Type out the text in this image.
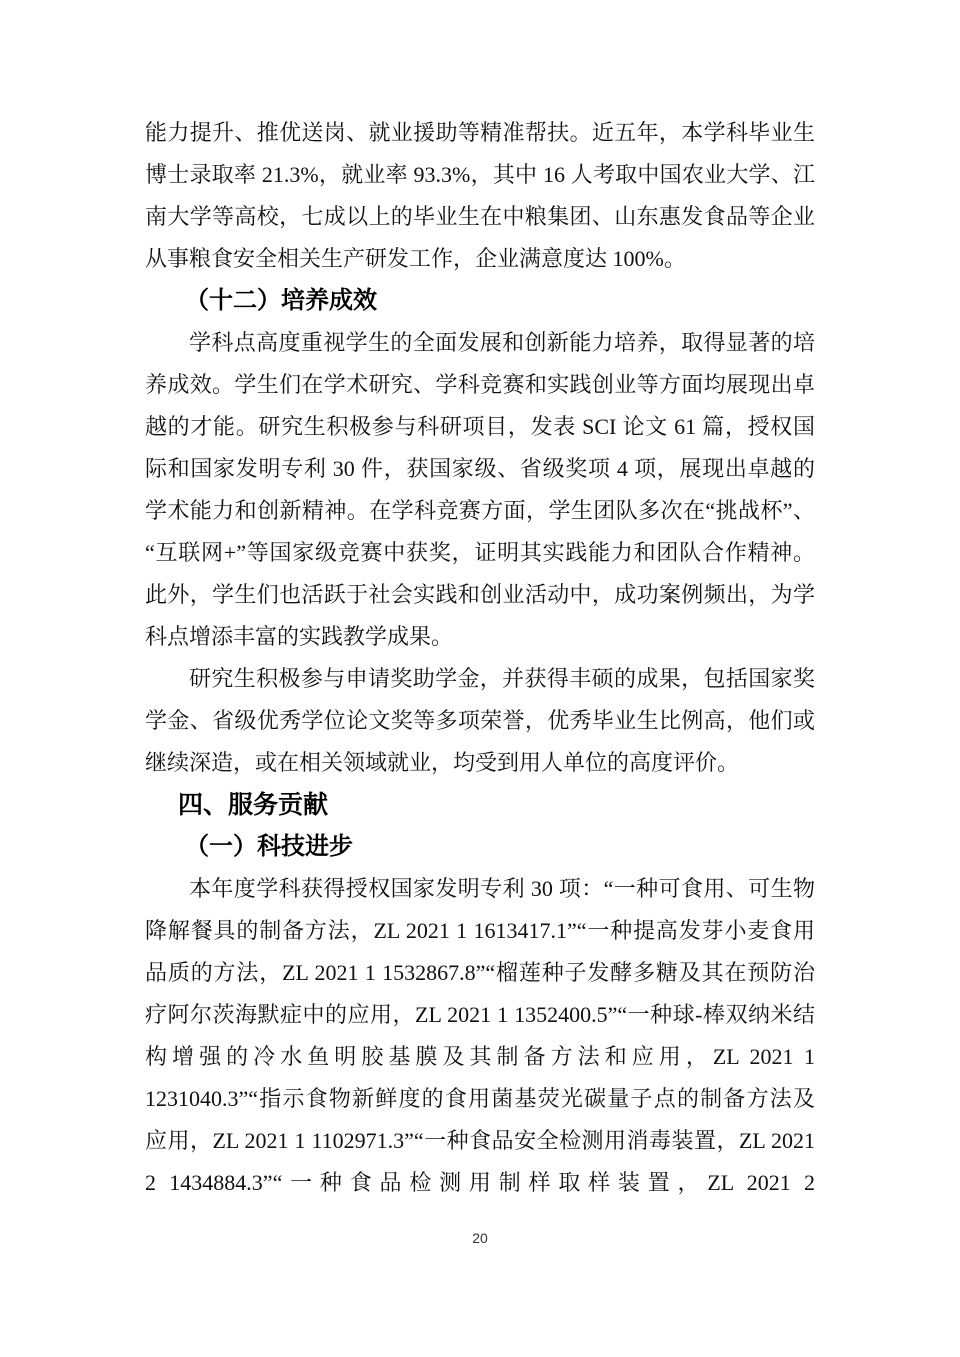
能力提升、推优送岗、就业援助等精准帮扶。近五年，本学科毕业生
博士录取率 21.3%，就业率 93.3%，其中 16 人考取中国农业大学、江
南大学等高校，七成以上的毕业生在中粮集团、山东惠发食品等企业
从事粮食安全相关生产研发工作，企业满意度达 100%。
（十二）培养成效
学科点高度重视学生的全面发展和创新能力培养，取得显著的培
养成效。学生们在学术研究、学科竞赛和实践创业等方面均展现出卓
越的才能。研究生积极参与科研项目，发表 SCI 论文 61 篇，授权国
际和国家发明专利 30 件，获国家级、省级奖项 4 项，展现出卓越的
学术能力和创新精神。在学科竞赛方面，学生团队多次在“挑战杯”、
“互联网+”等国家级竞赛中获奖，证明其实践能力和团队合作精神。
此外，学生们也活跃于社会实践和创业活动中，成功案例频出，为学
科点增添丰富的实践教学成果。
研究生积极参与申请奖助学金，并获得丰硕的成果，包括国家奖
学金、省级优秀学位论文奖等多项荣誉，优秀毕业生比例高，他们或
继续深造，或在相关领域就业，均受到用人单位的高度评价。
四、服务贡献
（一）科技进步
本年度学科获得授权国家发明专利 30 项：“一种可食用、可生物
降解餐具的制备方法，ZL 2021 1 1613417.1”“一种提高发芽小麦食用
品质的方法，ZL 2021 1 1532867.8”“榴莲种子发酵多糖及其在预防治
疗阿尔茨海默症中的应用，ZL 2021 1 1352400.5”“一种球-棒双纳米结
构增强的冷水鱼明胶基膜及其制备方法和应用，ZL 2021 1
1231040.3”“指示食物新鲜度的食用菌基荧光碳量子点的制备方法及
应用，ZL 2021 1 1102971.3”“一种食品安全检测用消毒装置，ZL 2021
2 1434884.3”“一种食品检测用制样取样装置，ZL 2021 2
20
